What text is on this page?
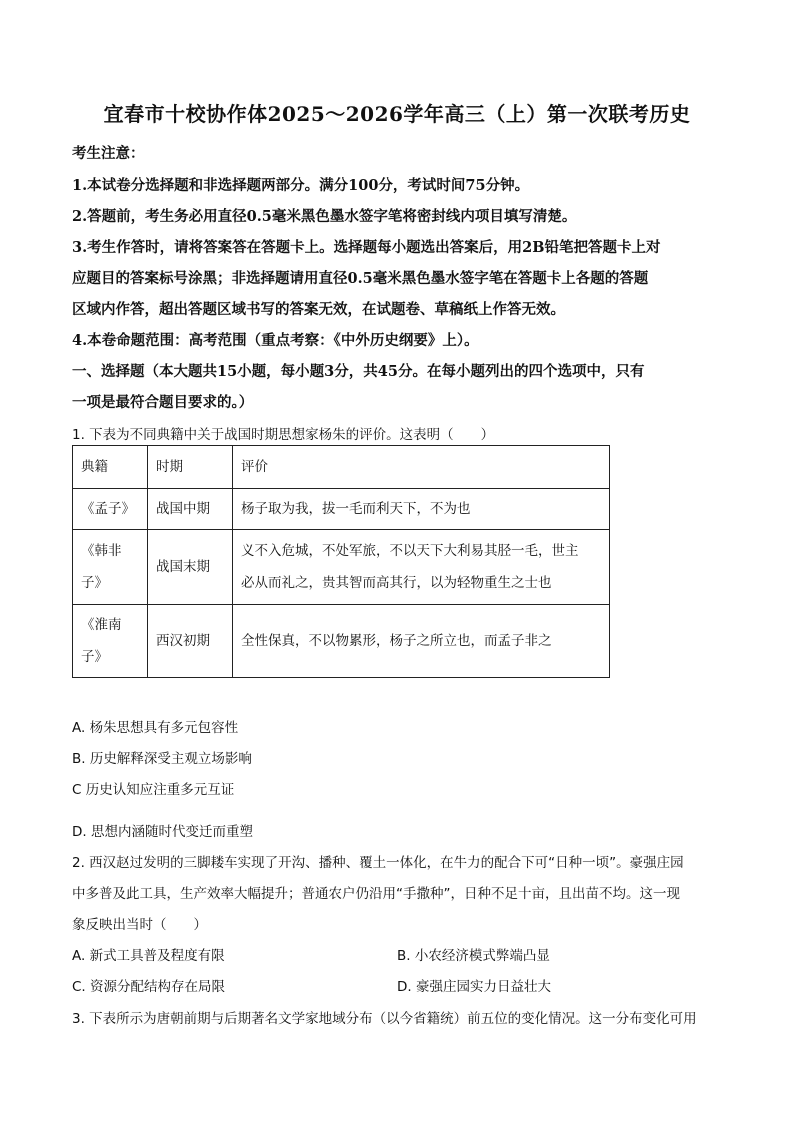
宜春市十校协作体2025～2026学年高三（上）第一次联考历史
考生注意：
1.本试卷分选择题和非选择题两部分。满分100分，考试时间75分钟。
2.答题前，考生务必用直径0.5毫米黑色墨水签字笔将密封线内项目填写清楚。
3.考生作答时，请将答案答在答题卡上。选择题每小题选出答案后，用2B铅笔把答题卡上对
应题目的答案标号涂黑；非选择题请用直径0.5毫米黑色墨水签字笔在答题卡上各题的答题
区域内作答，超出答题区域书写的答案无效，在试题卷、草稿纸上作答无效。
4.本卷命题范围：高考范围（重点考察：《中外历史纲要》上）。
一、选择题（本大题共15小题，每小题3分，共45分。在每小题列出的四个选项中，只有
一项是最符合题目要求的。）
1. 下表为不同典籍中关于战国时期思想家杨朱的评价。这表明（　　）
典籍	时期	评价
《孟子》	战国中期	杨子取为我，拔一毛而利天下，不为也
《韩非
子》	战国末期	义不入危城，不处军旅，不以天下大利易其胫一毛，世主
必从而礼之，贵其智而高其行，以为轻物重生之士也
《淮南
子》	西汉初期	全性保真，不以物累形，杨子之所立也，而孟子非之
A. 杨朱思想具有多元包容性
B. 历史解释深受主观立场影响
C 历史认知应注重多元互证
D. 思想内涵随时代变迁而重塑
2. 西汉赵过发明的三脚耧车实现了开沟、播种、覆土一体化，在牛力的配合下可“日种一顷”。豪强庄园
中多普及此工具，生产效率大幅提升；普通农户仍沿用“手撒种”，日种不足十亩，且出苗不均。这一现
象反映出当时（　　）
A. 新式工具普及程度有限	B. 小农经济模式弊端凸显
C. 资源分配结构存在局限	D. 豪强庄园实力日益壮大
3. 下表所示为唐朝前期与后期著名文学家地域分布（以今省籍统）前五位的变化情况。这一分布变化可用
